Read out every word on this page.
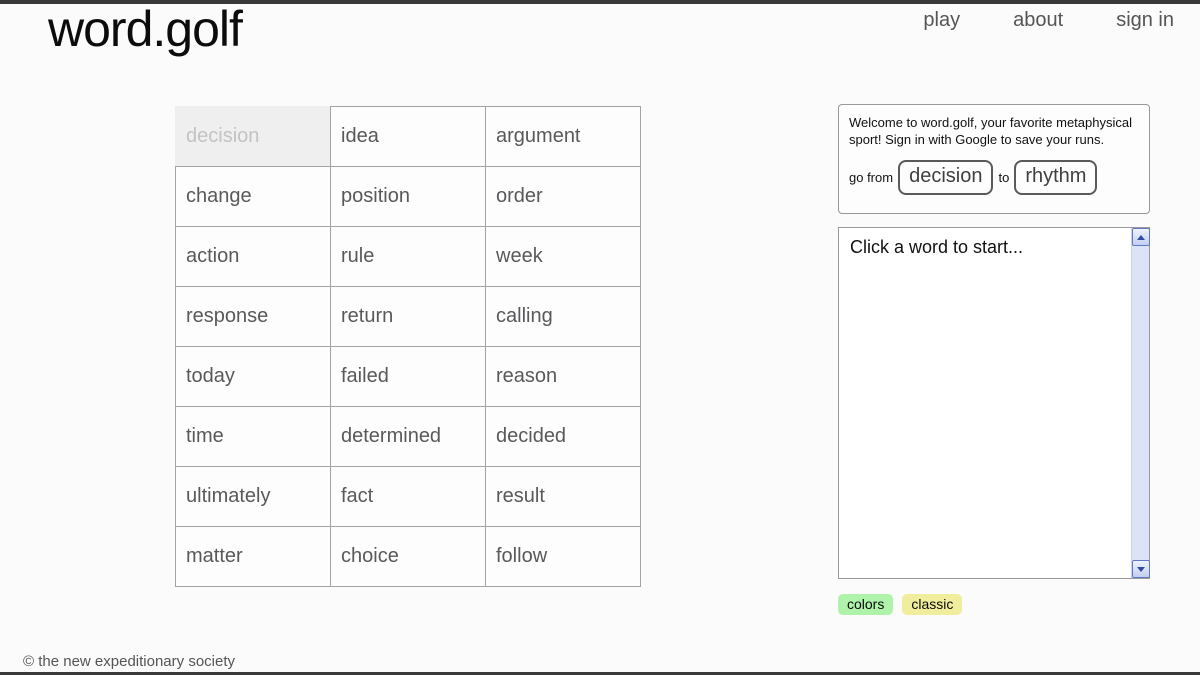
word.golf	play	about	sign in
decision	idea	argument
change	position	order
action	rule	week
response	return	calling
today	failed	reason
time	determined	decided
ultimately	fact	result
matter	choice	follow
Welcome to word.golf, your favorite metaphysical sport! Sign in with Google to save your runs.
go from decision	to rhythm
Click a word to start...
colors	classic
© the new expeditionary society
